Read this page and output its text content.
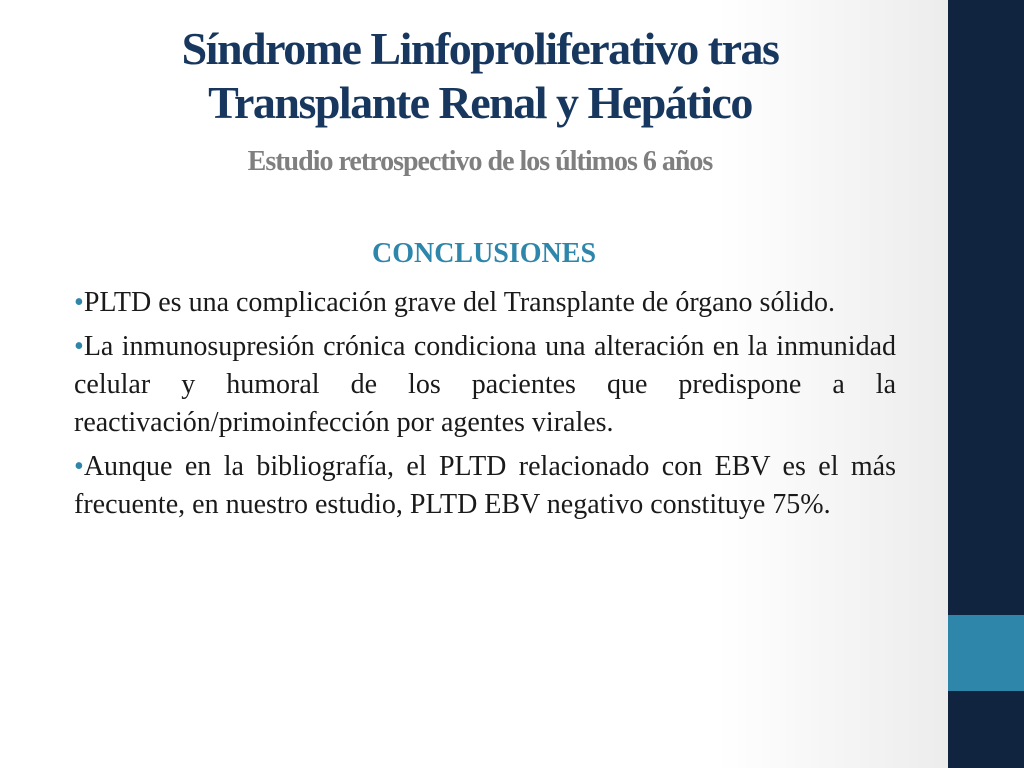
Síndrome Linfoproliferativo tras
Transplante Renal y Hepático
Estudio retrospectivo de los últimos 6 años
CONCLUSIONES
•PLTD es una complicación grave del Transplante de órgano sólido.
•La inmunosupresión crónica condiciona una alteración en la inmunidad celular y humoral de los pacientes que predispone a la reactivación/primoinfección por agentes virales.
•Aunque en la bibliografía, el PLTD relacionado con EBV es el más frecuente, en nuestro estudio, PLTD EBV negativo constituye 75%.
